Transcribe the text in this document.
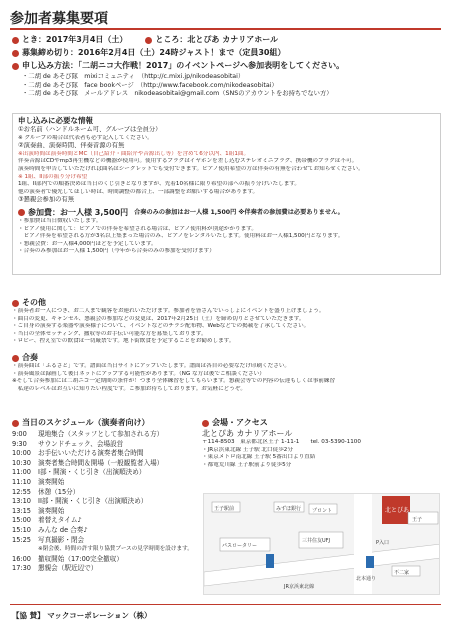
参加者募集要項
とき：2017年3月4日（土）	ところ：北とぴあ カナリアホール
募集締め切り：2016年2月4日（土）24時ジャスト！まで（定員30組）
申し込み方法：「二胡ニコ大作戦！2017」のイベントページへ参加表明をしてください。
・二胡 de あそび隊　 mixiコミュニティ　 （http://c.mixi.jp/nikodeasobitai）
・二胡 de あそび隊　 face bookページ　 （http://www.facebook.com/nikodeasobitai）
・二胡 de あそび隊　 メールアドレス　 nikodeasobitai@gmail.com（SNSのアカウントをお持ちでない方）
申し込みに必要な情報
①お名前（ハンドルネーム可、グループは全員分）
※ グループの場合は代表者も必ず記入してください。
②演奏曲、演奏時間、伴奏音源の有無
※出演時間は演奏時間とMC（自己紹介・曲紹介や音源出し等）を含めて6分以内、1組1曲。
伴奏音源はCDやmp3再生機などの機器が使用可。使用するプラグはイヤホンを差し込むステレオミニプラグ、携帯機のプラグは不可。
演奏時間を申告していただければ曲名はシークレットでも受付できます。ピアノ使用希望の方は伴奏の有無を合わせてお知らせください。
※ 1組、II部の振り分け希望
1組、II部内での順番決めは当日のくじ引きとなりますが、先着10名様に限り希望の部への振り分けいたします。
他の演奏者で優先してほしい時は、時間調整の都合上、一部調整をお願いする場合があります。
③懇親会参加の有無
参加費：お一人様 3,500円 合奏のみの参加はお一人様 1,500円 ※伴奏者の参加費は必要ありません。
・参加費は当日徴収いたします。
・ピアノ使用に関して：ピアノでの伴奏を希望される場合は、ピアノ使用料が別途かかります。
　ピアノ伴奏を希望される方が3名以上集まった場合のみ、ピアノをレンタルいたします。使用料はお一人様1,500円となります。
・懇親会費：お一人様4,000円ほどを予定しています。
・合奏のみ参加はお一人様 1,500円（今年から合奏のみの参加を受付けます）
その他
・演奏者お一人につき、お二人まで観客をお連れいただけます。参加者を皆さんでいっしょにイベントを盛り上げましょう。
・曲目の変更、キャンセル、懇親会の参加などの変更は、2017年2月25日（土）を締め切りとさせていただきます。
・ご自身の演奏する楽器や演奏様子について、イベントなどのチラシ配布物、Webなどでの掲載を了承してください。
・当日の全体セッティング、撤収等のお手伝い可能な方を募集しております。
・ロビー、控え室での飲食は一切厳禁です。地下街飲食を予定することをお勧めします。
合奏
・演奏曲は「ふるさと」です。譜面は当日サイトにアップいたします。譜面は各自の必要なだけ印刷ください。
・演奏風景は録画して後日ネットにアップする可能性があります。（NG な方は後でご相談ください）
※そして合奏参加には二胡ニコ一定期間の条件が！つまり全体練習をしてもらいます。懇親会等での内容の伝達もしくは事前練習
　私達のレベルはお互いに知りたい程度です。ご参加お待ちしております。お気軽にどうぞ。
当日のスケジュール（演奏者向け）
9:00	現地集合（スタッフとして参加される方）
9:30	サウンドチェック、会場設営
10:00	お手伝いいただける演奏者集合時間
10:30	演奏者集合時間＆開場（一般観覧者入場）
11:00	I部・開演・くじ引き（出演順決め）
11:10	演奏開始
12:55	休憩（15分）
13:10	II部・開演・くじ引き（出演順決め）
13:15	演奏開始
15:00	着替えタイム♪
15:10	みんな de 合奏♪
15:25	写真撮影・閉会
※閉会後、時間の許す限り協賛ブースの見学時間を設けます。
16:00	撤収開始（17:00完全撤収）
17:30	懇親会（駅近辺で）
会場・アクセス
北とぴあ カナリアホール
〒114-8503　東京都北区王子 1-11-1　　tel. 03-5390-1100
・JR京浜東北線 王子駅 北口徒歩2分
・東京メトロ南北線 王子駅 5番出口より直結
・都電荒川線 王子駅前より徒歩5分
北とぴあ
王子
パスロータリー
三井住友UFJ
みずほ銀行 プロント
王子駅前
JR京浜東北線
北本通り
P入口
不二家
【協 賛】 マックコーポレーション（株）
